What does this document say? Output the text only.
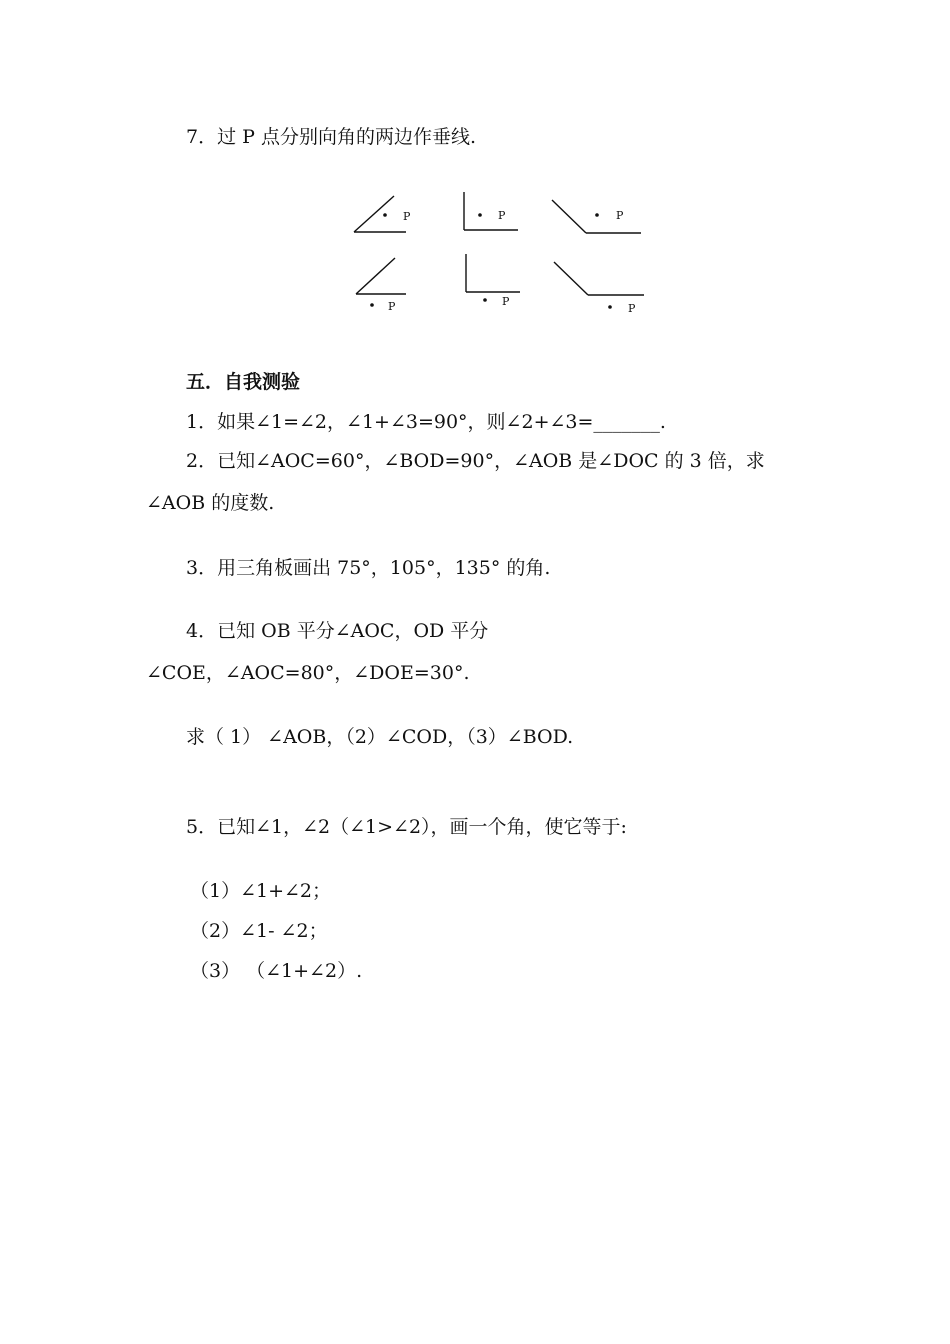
7．过 P 点分别向角的两边作垂线.
P	P	P
P	P
P
五．自我测验
1．如果∠1=∠2，∠1+∠3=90°，则∠2+∠3=_______.
2．已知∠AOC=60°，∠BOD=90°，∠AOB 是∠DOC 的 3 倍，求
∠AOB 的度数.
3．用三角板画出 75°，105°，135° 的角.
4．已知 OB 平分∠AOC，OD 平分
∠COE，∠AOC=80°，∠DOE=30°.
求（ 1） ∠AOB，（2）∠COD，（3）∠BOD.
5．已知∠1，∠2（∠1>∠2），画一个角，使它等于:
（1）∠1+∠2；
（2）∠1- ∠2；
（3） （∠1+∠2）.
